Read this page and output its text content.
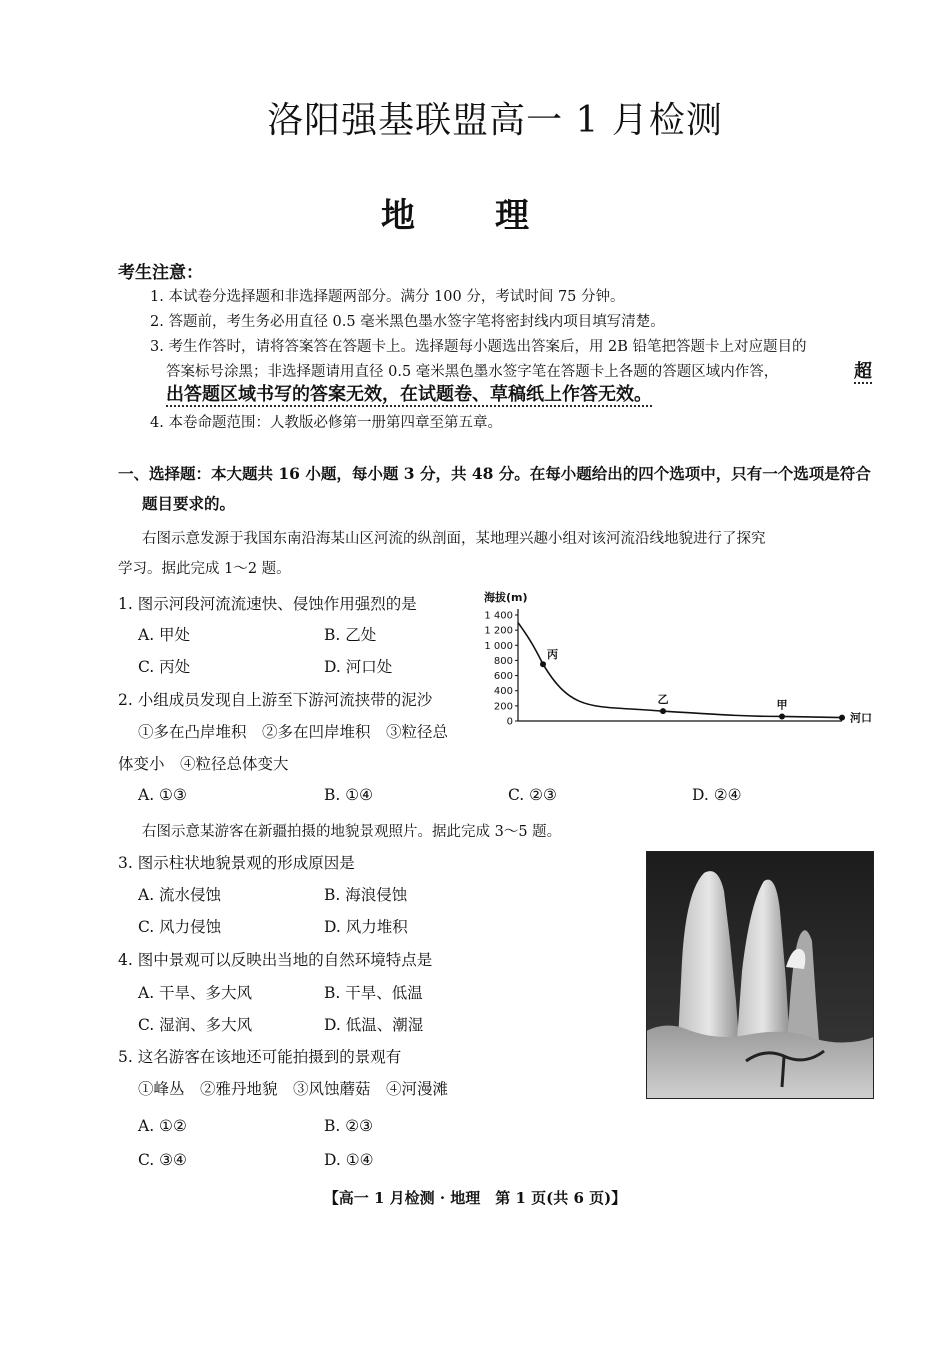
洛阳强基联盟高一 1 月检测
地理
考生注意：
1. 本试卷分选择题和非选择题两部分。满分 100 分，考试时间 75 分钟。
2. 答题前，考生务必用直径 0.5 毫米黑色墨水签字笔将密封线内项目填写清楚。
3. 考生作答时，请将答案答在答题卡上。选择题每小题选出答案后，用 2B 铅笔把答题卡上对应题目的
答案标号涂黑；非选择题请用直径 0.5 毫米黑色墨水签字笔在答题卡上各题的答题区域内作答，	超
出答题区域书写的答案无效，在试题卷、草稿纸上作答无效。
4. 本卷命题范围：人教版必修第一册第四章至第五章。
一、选择题：本大题共 16 小题，每小题 3 分，共 48 分。在每小题给出的四个选项中，只有一个选项是符合
题目要求的。
右图示意发源于我国东南沿海某山区河流的纵剖面，某地理兴趣小组对该河流沿线地貌进行了探究
学习。据此完成 1～2 题。
1. 图示河段河流流速快、侵蚀作用强烈的是
A. 甲处	B. 乙处
C. 丙处	D. 河口处
2. 小组成员发现自上游至下游河流挟带的泥沙
①多在凸岸堆积　②多在凹岸堆积　③粒径总
体变小　④粒径总体变大
A. ①③	B. ①④	C. ②③	D. ②④
海拔(m)
1 400
1 200
1 000
800
600
400
200
0
丙
乙	甲
河口
右图示意某游客在新疆拍摄的地貌景观照片。据此完成 3～5 题。
3. 图示柱状地貌景观的形成原因是
A. 流水侵蚀	B. 海浪侵蚀
C. 风力侵蚀	D. 风力堆积
4. 图中景观可以反映出当地的自然环境特点是
A. 干旱、多大风	B. 干旱、低温
C. 湿润、多大风	D. 低温、潮湿
5. 这名游客在该地还可能拍摄到的景观有
①峰丛　②雅丹地貌　③风蚀蘑菇　④河漫滩
A. ①②	B. ②③
C. ③④	D. ①④
【高一 1 月检测 · 地理　第 1 页(共 6 页)】
